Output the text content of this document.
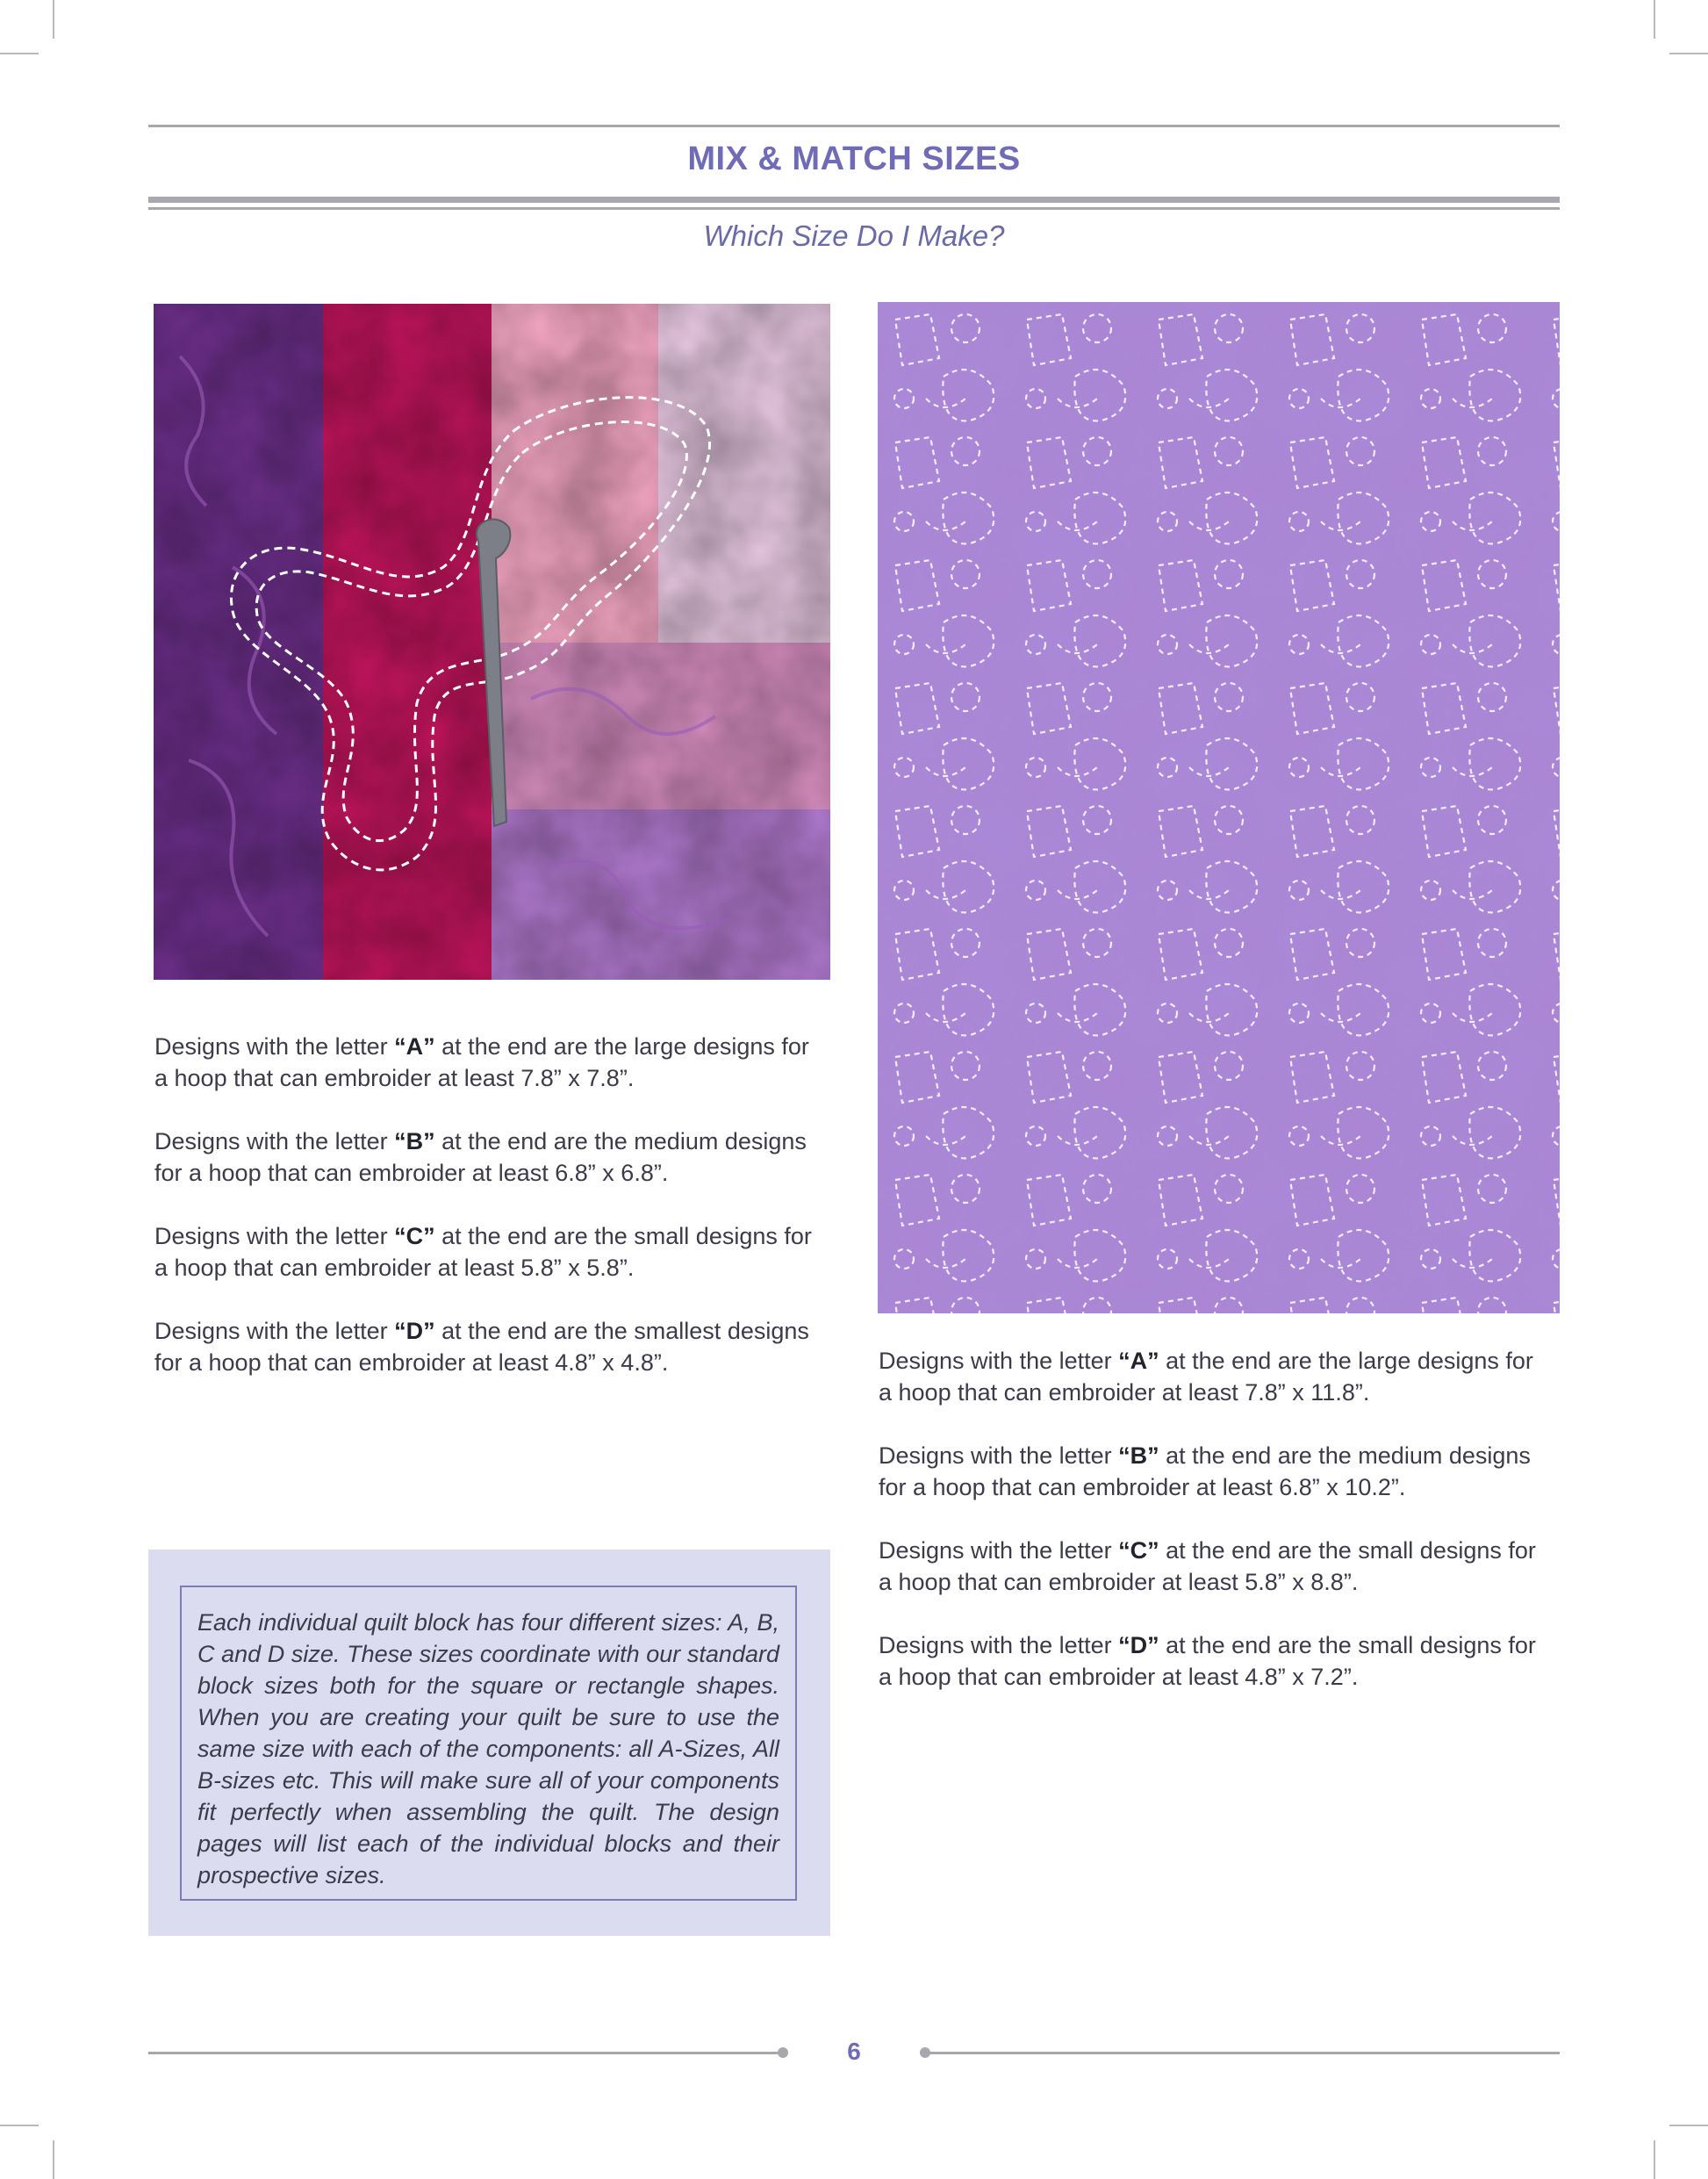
MIX & MATCH SIZES
Which Size Do I Make?

Designs with the letter “A” at the end are the large designs for
a hoop that can embroider at least 7.8” x 7.8”.

Designs with the letter “B” at the end are the medium designs
for a hoop that can embroider at least 6.8” x 6.8”.

Designs with the letter “C” at the end are the small designs for
a hoop that can embroider at least 5.8” x 5.8”.

Designs with the letter “D” at the end are the smallest designs
for a hoop that can embroider at least 4.8” x 4.8”.	Designs with the letter “A” at the end are the large designs for
a hoop that can embroider at least 7.8” x 11.8”.

Designs with the letter “B” at the end are the medium designs
for a hoop that can embroider at least 6.8” x 10.2”.

Designs with the letter “C” at the end are the small designs for
a hoop that can embroider at least 5.8” x 8.8”.

Designs with the letter “D” at the end are the small designs for
a hoop that can embroider at least 4.8” x 7.2”.

Each individual quilt block has four different sizes: A, B, C and D size. These sizes coordinate with our standard block sizes both for the square or rectangle shapes. When you are creating your quilt be sure to use the same size with each of the components: all A-Sizes, All B-sizes etc. This will make sure all of your components fit perfectly when assembling the quilt. The design pages will list each of the individual blocks and their prospective sizes.
6
